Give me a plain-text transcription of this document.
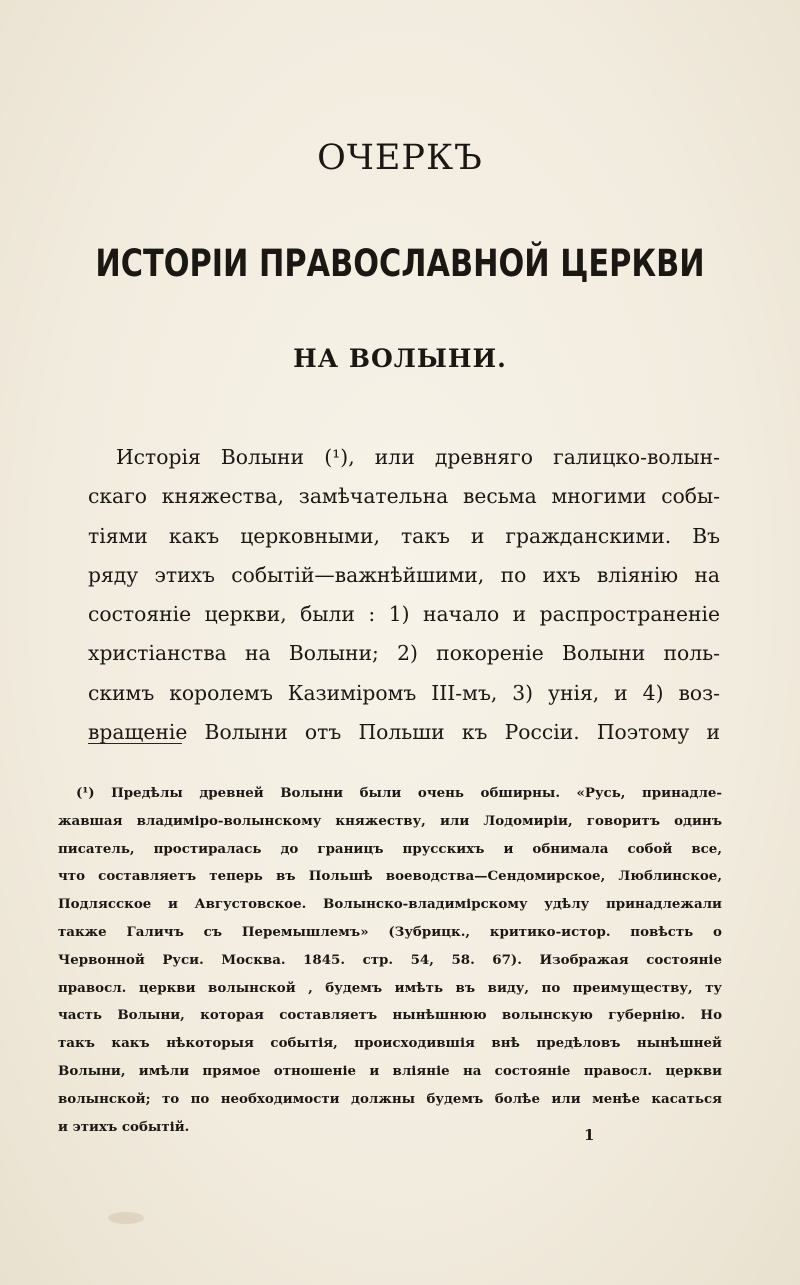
ОЧЕРКЪ
ИСТОРІИ ПРАВОСЛАВНОЙ ЦЕРКВИ
НА ВОЛЫНИ.
Исторія Волыни (¹), или древняго галицко-волын-
скаго княжества, замѣчательна весьма многими собы-
тіями какъ церковными, такъ и гражданскими. Въ
ряду этихъ событій—важнѣйшими, по ихъ вліянію на
состояніе церкви, были : 1) начало и распространеніе
христіанства на Волыни; 2) покореніе Волыни поль-
скимъ королемъ Казиміромъ III-мъ, 3) унія, и 4) воз-
вращеніе Волыни отъ Польши къ Россіи. Поэтому и
(¹) Предѣлы древней Волыни были очень обширны. «Русь, принадле-
жавшая владиміро-волынскому княжеству, или Лодомиріи, говоритъ одинъ
писатель, простиралась до границъ прусскихъ и обнимала собой все,
что составляетъ теперь въ Польшѣ воеводства—Сендомирское, Люблинское,
Подлясское и Августовское. Волынско-владимірскому удѣлу принадлежали
также Галичъ съ Перемышлемъ» (Зубрицк., критико-истор. повѣсть о
Червонной Руси. Москва. 1845. стр. 54, 58. 67). Изображая состояніе
правосл. церкви волынской , будемъ имѣть въ виду, по преимуществу, ту
часть Волыни, которая составляетъ нынѣшнюю волынскую губернію. Но
такъ какъ нѣкоторыя событія, происходившія внѣ предѣловъ нынѣшней
Волыни, имѣли прямое отношеніе и вліяніе на состояніе правосл. церкви
волынской; то по необходимости должны будемъ болѣе или менѣе касаться
и этихъ событій.	1
